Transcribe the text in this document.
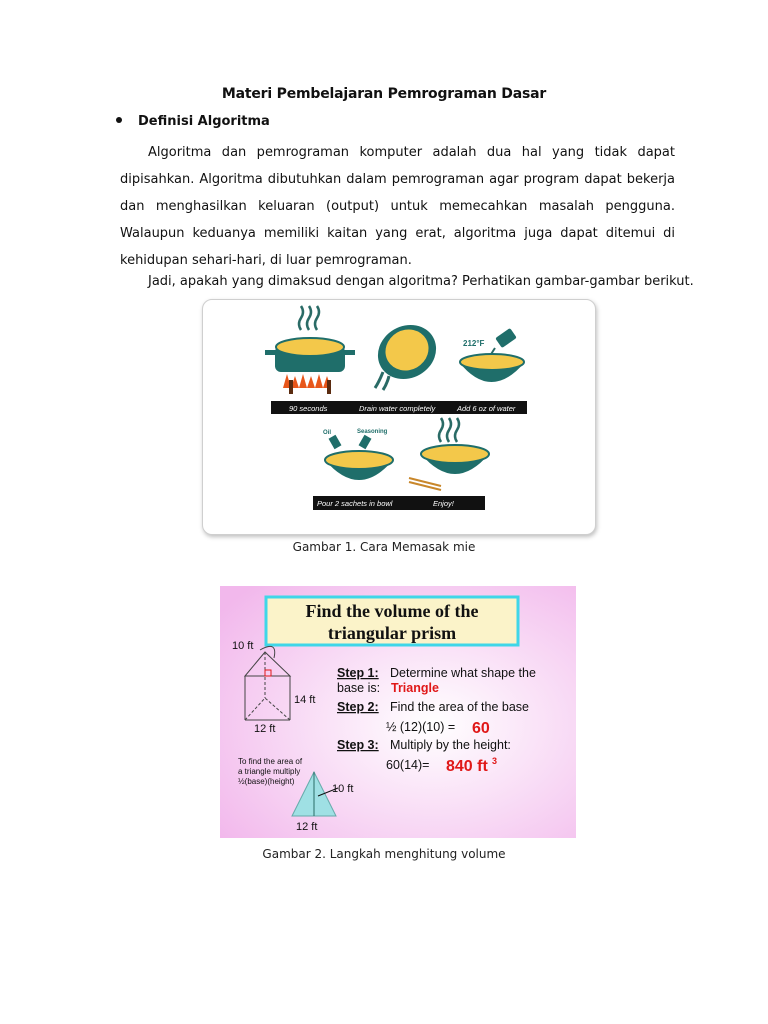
Materi Pembelajaran Pemrograman Dasar
Definisi Algoritma
Algoritma dan pemrograman komputer adalah dua hal yang tidak dapat dipisahkan. Algoritma dibutuhkan dalam pemrograman agar program dapat bekerja dan menghasilkan keluaran (output) untuk memecahkan masalah pengguna. Walaupun keduanya memiliki kaitan yang erat, algoritma juga dapat ditemui di kehidupan sehari-hari, di luar pemrograman.
Jadi, apakah yang dimaksud dengan algoritma? Perhatikan gambar-gambar berikut.
212°F
90 seconds	Drain water completely	Add 6 oz of water
Oil	Seasoning
Pour 2 sachets in bowl	Enjoy!
Gambar 1. Cara Memasak mie
Find the volume of the
triangular prism
10 ft
14 ft
12 ft
Step 1: Determine what shape the
base is: Triangle
Step 2: Find the area of the base
½ (12)(10) = 60
Step 3: Multiply by the height:
60(14)= 840 ft 3
To find the area of
a triangle multiply
½(base)(height)
10 ft
12 ft
Gambar 2. Langkah menghitung volume
